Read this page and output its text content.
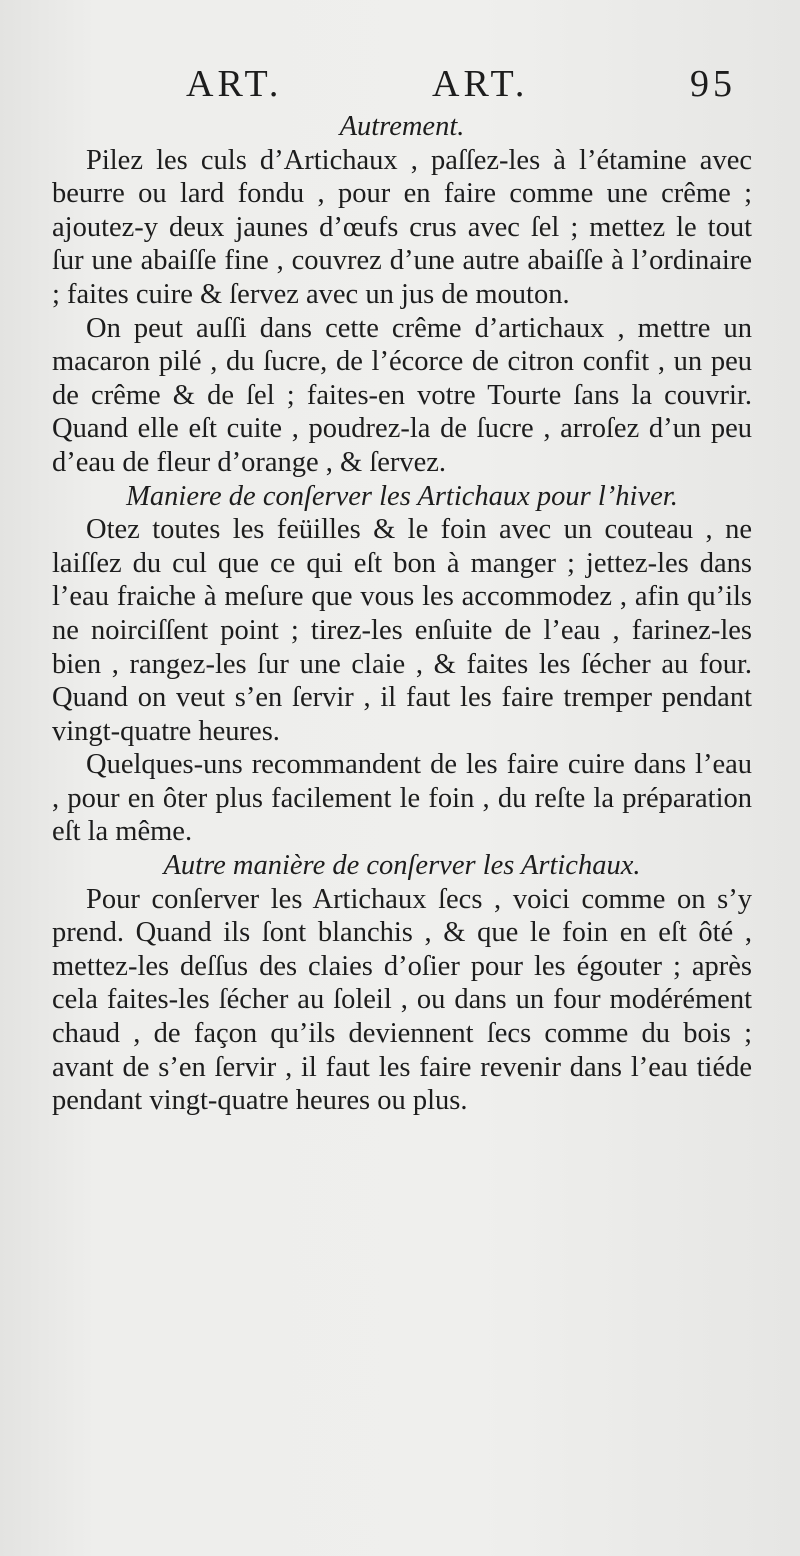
ART.	ART.	95
Autrement.

Pilez les culs d’Artichaux , paſſez-les à l’étamine avec beurre ou lard fondu , pour en faire comme une crême ; ajoutez-y deux jaunes d’œufs crus avec ſel ; mettez le tout ſur une abaiſſe fine , couvrez d’une autre abaiſſe à l’ordinaire ; faites cuire & ſervez avec un jus de mouton.

On peut auſſi dans cette crême d’artichaux , mettre un macaron pilé , du ſucre, de l’écorce de citron confit , un peu de crême & de ſel ; faites-en votre Tourte ſans la couvrir. Quand elle eſt cuite , poudrez-la de ſucre , arroſez d’un peu d’eau de fleur d’orange , & ſervez.

Maniere de conſerver les Artichaux pour l’hiver.

Otez toutes les feüilles & le foin avec un couteau , ne laiſſez du cul que ce qui eſt bon à manger ; jettez-les dans l’eau fraiche à meſure que vous les accommodez , afin qu’ils ne noirciſſent point ; tirez-les enſuite de l’eau , farinez-les bien , rangez-les ſur une claie , & faites les ſécher au four. Quand on veut s’en ſervir , il faut les faire tremper pendant vingt-quatre heures.

Quelques-uns recommandent de les faire cuire dans l’eau , pour en ôter plus facilement le foin , du reſte la préparation eſt la même.

Autre manière de conſerver les Artichaux.

Pour conſerver les Artichaux ſecs , voici comme on s’y prend. Quand ils ſont blanchis , & que le foin en eſt ôté , mettez-les deſſus des claies d’oſier pour les égouter ; après cela faites-les ſécher au ſoleil , ou dans un four modérément chaud , de façon qu’ils deviennent ſecs comme du bois ; avant de s’en ſervir , il faut les faire revenir dans l’eau tiéde pendant vingt-quatre heures ou plus.
